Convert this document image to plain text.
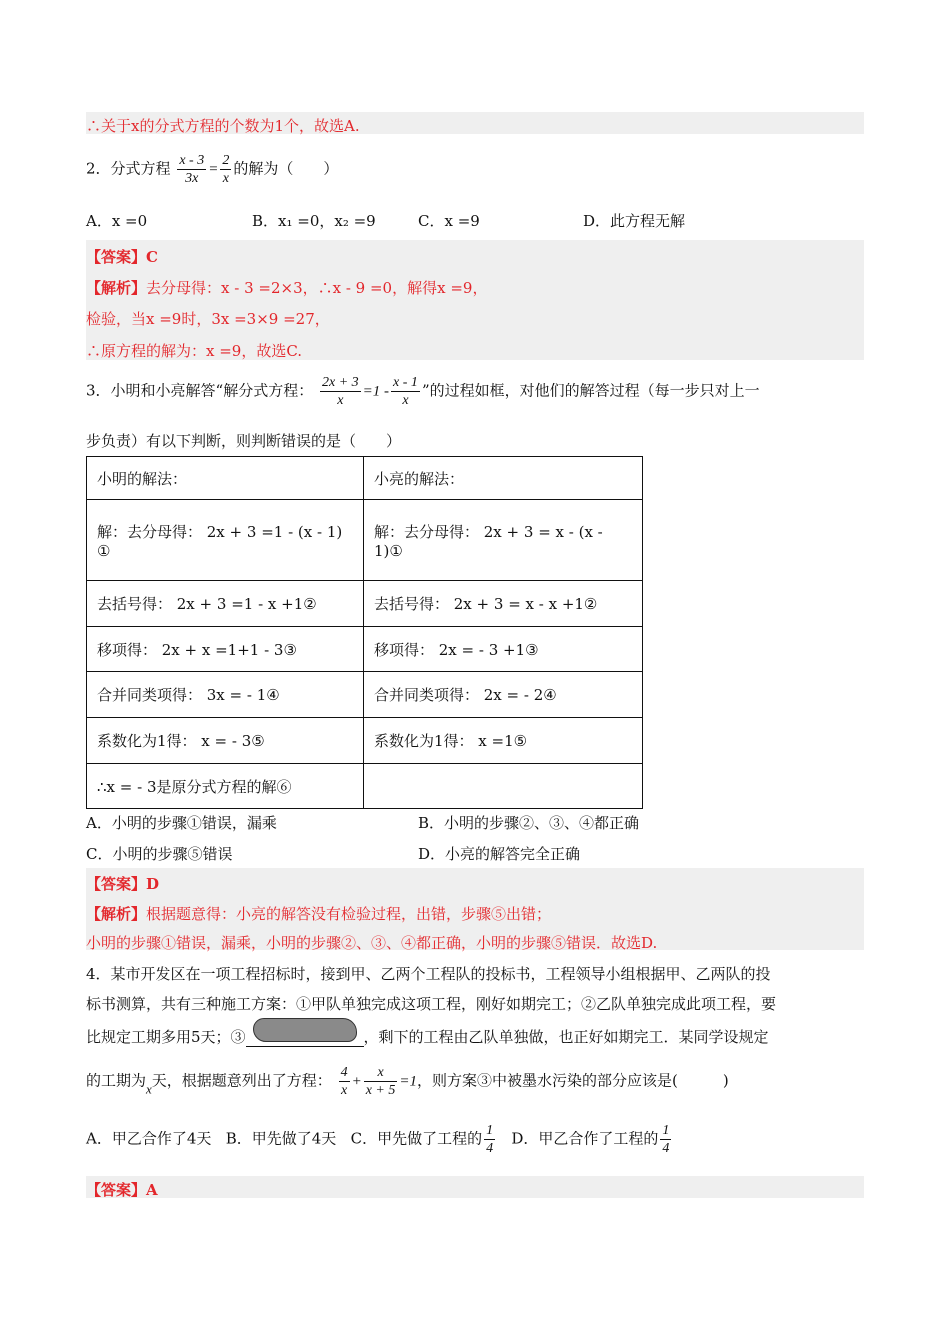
∴关于x的分式方程的个数为1个，故选A.
2．分式方程 $\frac{x - 3}{3x} = \frac{2}{x}$ 的解为（　　）
A．x =0	B．x₁ =0，x₂ =9	C．x =9	D．此方程无解
【答案】C
【解析】去分母得：x - 3 =2×3，∴x - 9 =0，解得x =9，
检验，当x =9时，3x =3×9 =27，
∴原方程的解为：x =9，故选C.
3．小明和小亮解答“解分式方程： $\frac{2x + 3}{x} =1 - \frac{x - 1}{x}$ ”的过程如框，对他们的解答过程（每一步只对上一
步负责）有以下判断，则判断错误的是（　　）
小明的解法：	小亮的解法：
解：去分母得： 2x + 3 =1 - (x - 1) ①	解：去分母得： 2x + 3 = x - (x - 1)①
去括号得： 2x + 3 =1 - x +1②	去括号得： 2x + 3 = x - x +1②
移项得： 2x + x =1+1 - 3③	移项得： 2x = - 3 +1③
合并同类项得： 3x = - 1④	合并同类项得： 2x = - 2④
系数化为1得： x = - 3⑤	系数化为1得： x =1⑤
∴x = - 3是原分式方程的解⑥	
A．小明的步骤①错误，漏乘	B．小明的步骤②、③、④都正确
C．小明的步骤⑤错误	D．小亮的解答完全正确
【答案】D
【解析】根据题意得：小亮的解答没有检验过程，出错，步骤⑤出错；
小明的步骤①错误，漏乘，小明的步骤②、③、④都正确，小明的步骤⑤错误．故选D.
4．某市开发区在一项工程招标时，接到甲、乙两个工程队的投标书，工程领导小组根据甲、乙两队的投
标书测算，共有三种施工方案：①甲队单独完成这项工程，刚好如期完工；②乙队单独完成此项工程，要
比规定工期多用5天；③	，剩下的工程由乙队单独做，也正好如期完工．某同学设规定
的工期为x天，根据题意列出了方程： $\frac{4}{x} + \frac{x}{x + 5} =1$，则方案③中被墨水污染的部分应该是(　　　)
A．甲乙合作了4天 B．甲先做了4天 C．甲先做了工程的 $\frac{1}{4}$ D．甲乙合作了工程的 $\frac{1}{4}$
【答案】A
